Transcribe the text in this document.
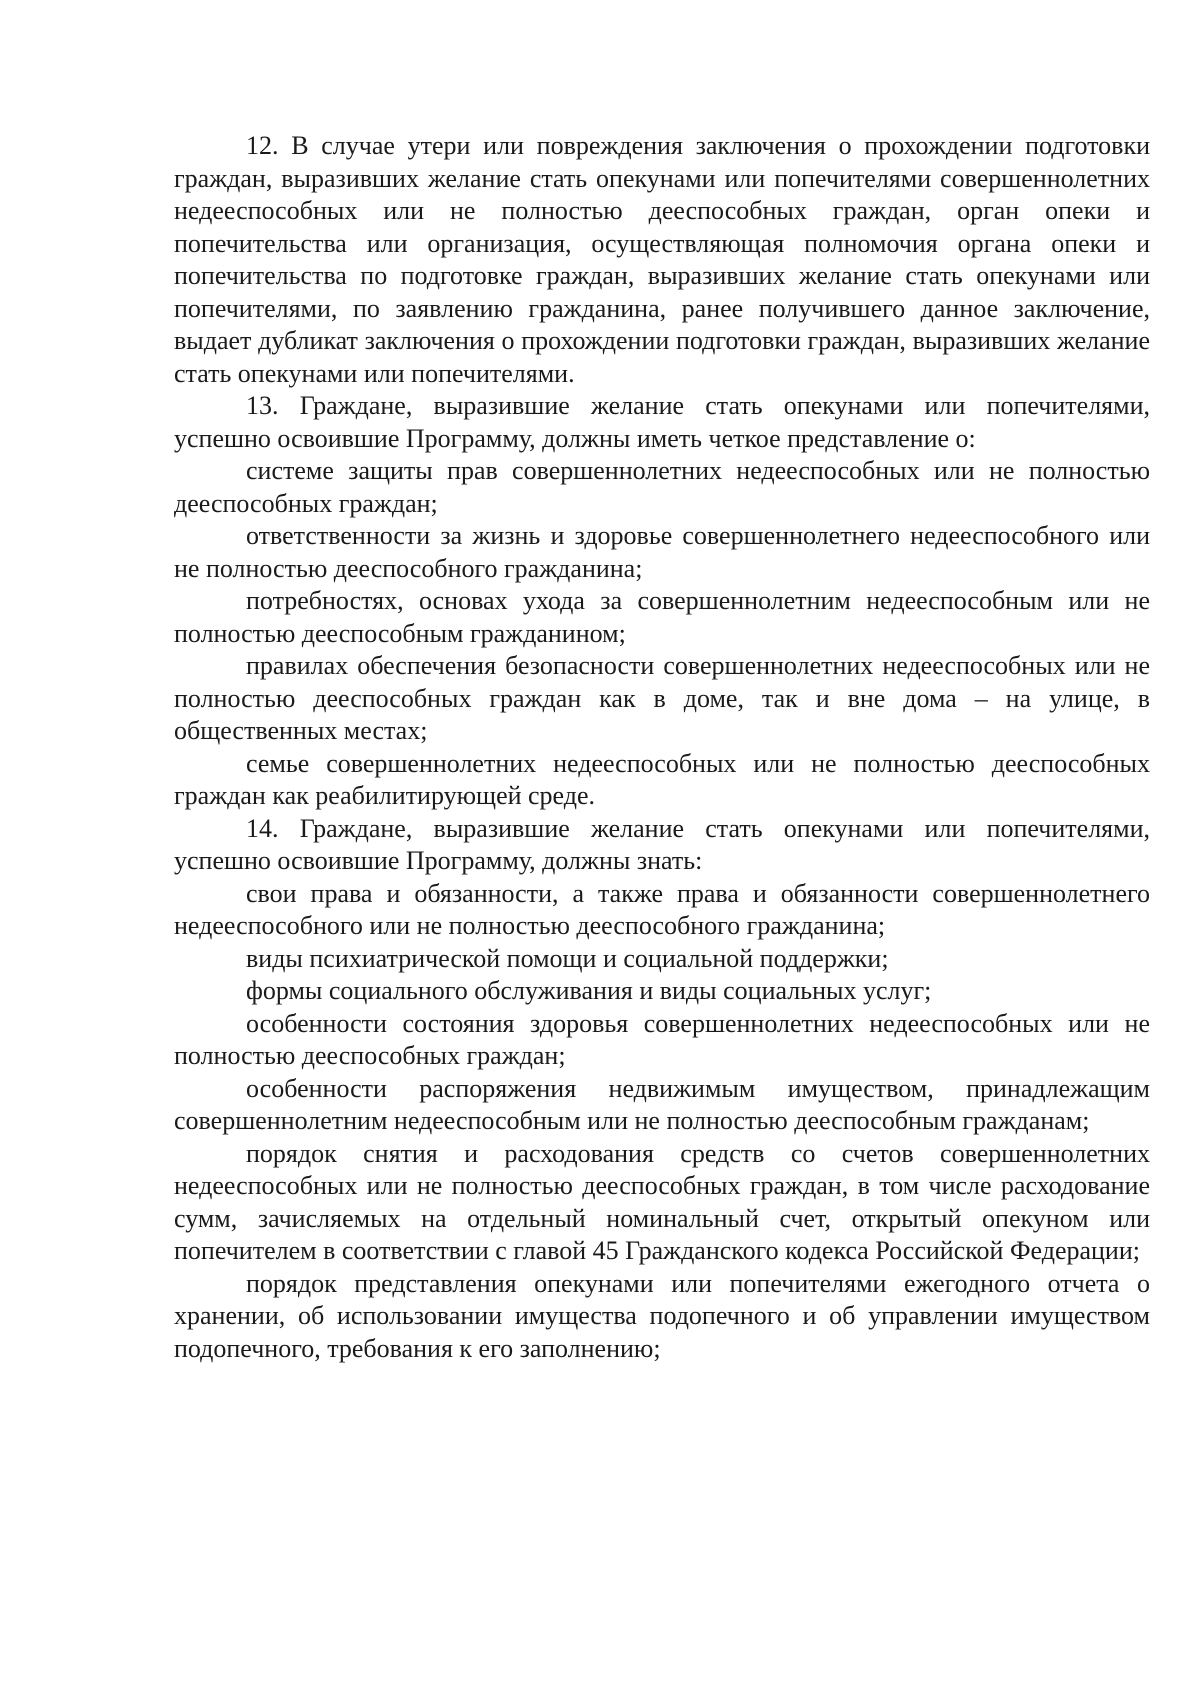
12. В случае утери или повреждения заключения о прохождении подготовки граждан, выразивших желание стать опекунами или попечителями совершеннолетних недееспособных или не полностью дееспособных граждан, орган опеки и попечительства или организация, осуществляющая полномочия органа опеки и попечительства по подготовке граждан, выразивших желание стать опекунами или попечителями, по заявлению гражданина, ранее получившего данное заключение, выдает дубликат заключения о прохождении подготовки граждан, выразивших желание стать опекунами или попечителями.

13. Граждане, выразившие желание стать опекунами или попечителями, успешно освоившие Программу, должны иметь четкое представление о:

системе защиты прав совершеннолетних недееспособных или не полностью дееспособных граждан;

ответственности за жизнь и здоровье совершеннолетнего недееспособного или не полностью дееспособного гражданина;

потребностях, основах ухода за совершеннолетним недееспособным или не полностью дееспособным гражданином;

правилах обеспечения безопасности совершеннолетних недееспособных или не полностью дееспособных граждан как в доме, так и вне дома – на улице, в общественных местах;

семье совершеннолетних недееспособных или не полностью дееспособных граждан как реабилитирующей среде.

14. Граждане, выразившие желание стать опекунами или попечителями, успешно освоившие Программу, должны знать:

свои права и обязанности, а также права и обязанности совершеннолетнего недееспособного или не полностью дееспособного гражданина;

виды психиатрической помощи и социальной поддержки;

формы социального обслуживания и виды социальных услуг;

особенности состояния здоровья совершеннолетних недееспособных или не полностью дееспособных граждан;

особенности распоряжения недвижимым имуществом, принадлежащим совершеннолетним недееспособным или не полностью дееспособным гражданам;

порядок снятия и расходования средств со счетов совершеннолетних недееспособных или не полностью дееспособных граждан, в том числе расходование сумм, зачисляемых на отдельный номинальный счет, открытый опекуном или попечителем в соответствии с главой 45 Гражданского кодекса Российской Федерации;

порядок представления опекунами или попечителями ежегодного отчета о хранении, об использовании имущества подопечного и об управлении имуществом подопечного, требования к его заполнению;
